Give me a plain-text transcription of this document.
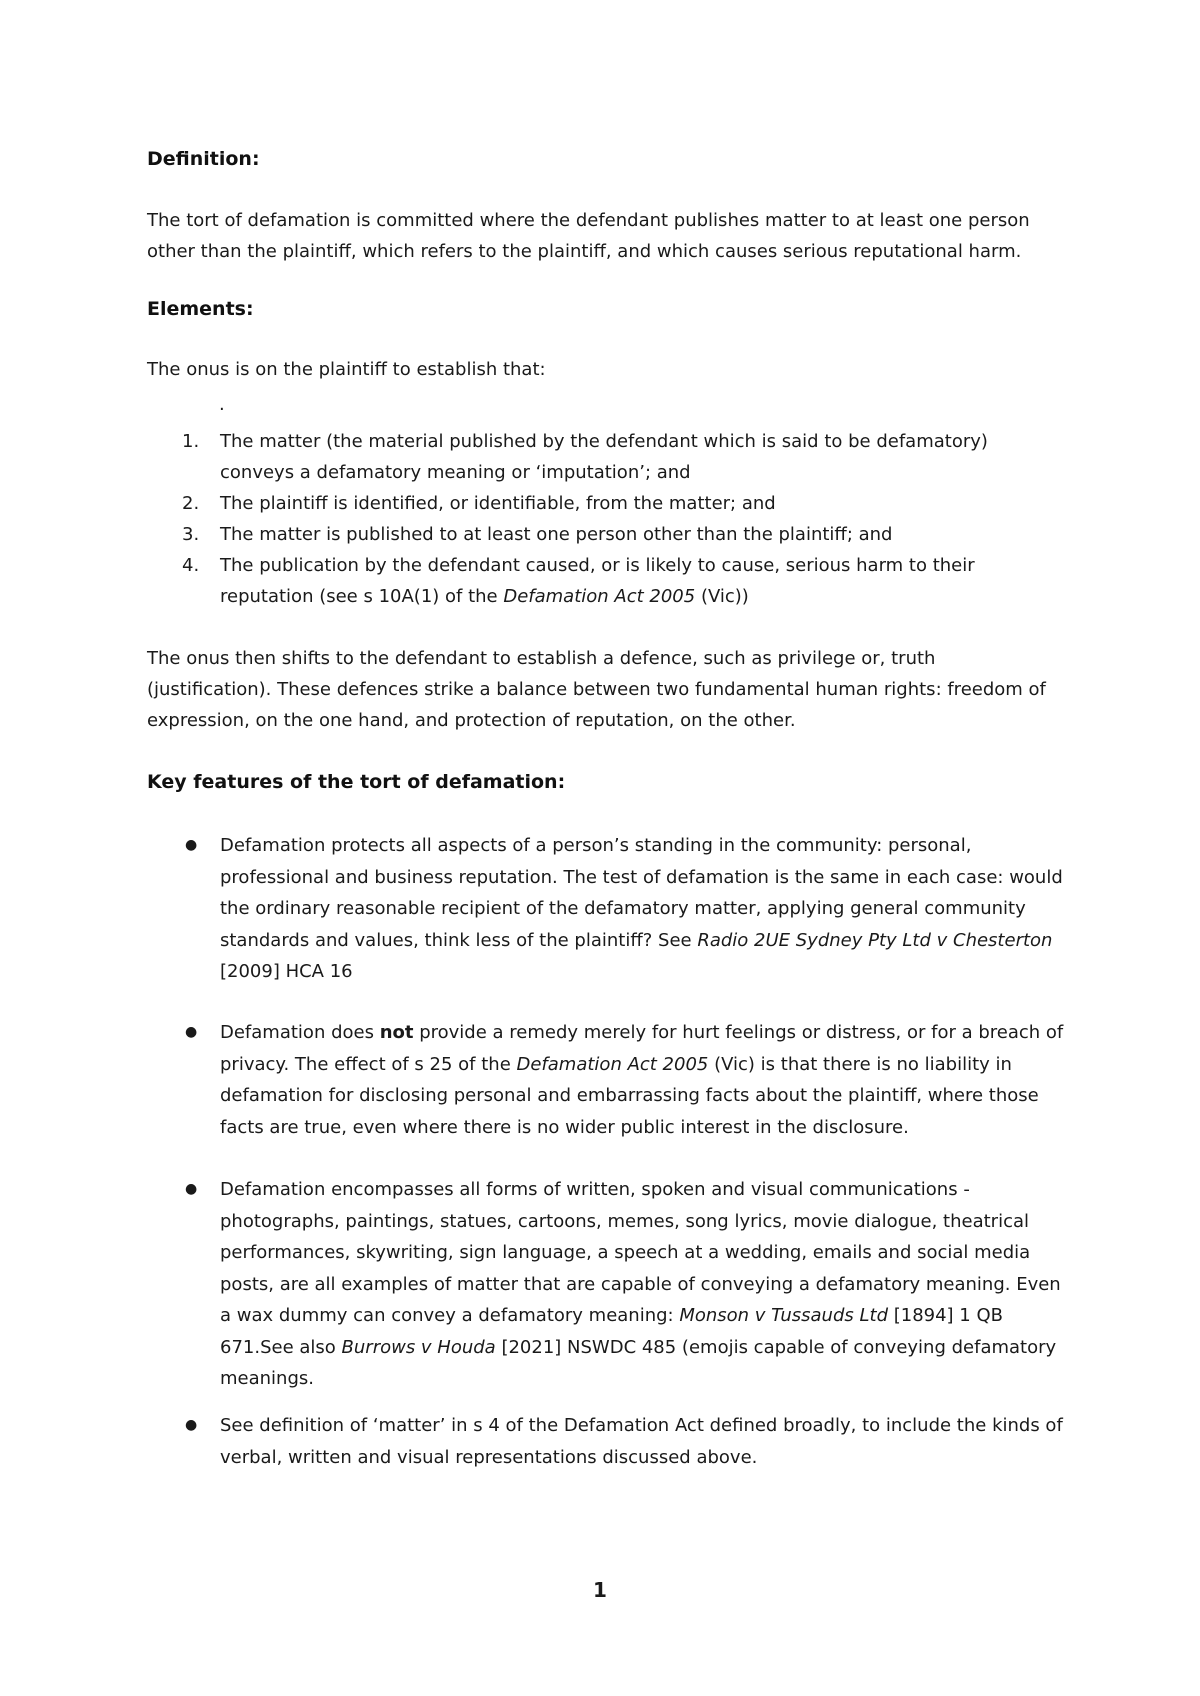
Definition:
The tort of defamation is committed where the defendant publishes matter to at least one person
other than the plaintiff, which refers to the plaintiff, and which causes serious reputational harm.
Elements:
The onus is on the plaintiff to establish that:
.
1. The matter (the material published by the defendant which is said to be defamatory)
conveys a defamatory meaning or ‘imputation’; and
2. The plaintiff is identified, or identifiable, from the matter; and
3. The matter is published to at least one person other than the plaintiff; and
4. The publication by the defendant caused, or is likely to cause, serious harm to their
reputation (see s 10A(1) of the Defamation Act 2005 (Vic))
The onus then shifts to the defendant to establish a defence, such as privilege or, truth
(justification). These defences strike a balance between two fundamental human rights: freedom of
expression, on the one hand, and protection of reputation, on the other.
Key features of the tort of defamation:
● Defamation protects all aspects of a person’s standing in the community: personal,
professional and business reputation. The test of defamation is the same in each case: would
the ordinary reasonable recipient of the defamatory matter, applying general community
standards and values, think less of the plaintiff? See Radio 2UE Sydney Pty Ltd v Chesterton
[2009] HCA 16
● Defamation does not provide a remedy merely for hurt feelings or distress, or for a breach of
privacy. The effect of s 25 of the Defamation Act 2005 (Vic) is that there is no liability in
defamation for disclosing personal and embarrassing facts about the plaintiff, where those
facts are true, even where there is no wider public interest in the disclosure.
● Defamation encompasses all forms of written, spoken and visual communications -
photographs, paintings, statues, cartoons, memes, song lyrics, movie dialogue, theatrical
performances, skywriting, sign language, a speech at a wedding, emails and social media
posts, are all examples of matter that are capable of conveying a defamatory meaning. Even
a wax dummy can convey a defamatory meaning: Monson v Tussauds Ltd [1894] 1 QB
671.See also Burrows v Houda [2021] NSWDC 485 (emojis capable of conveying defamatory
meanings.
● See definition of ‘matter’ in s 4 of the Defamation Act defined broadly, to include the kinds of
verbal, written and visual representations discussed above.
1
